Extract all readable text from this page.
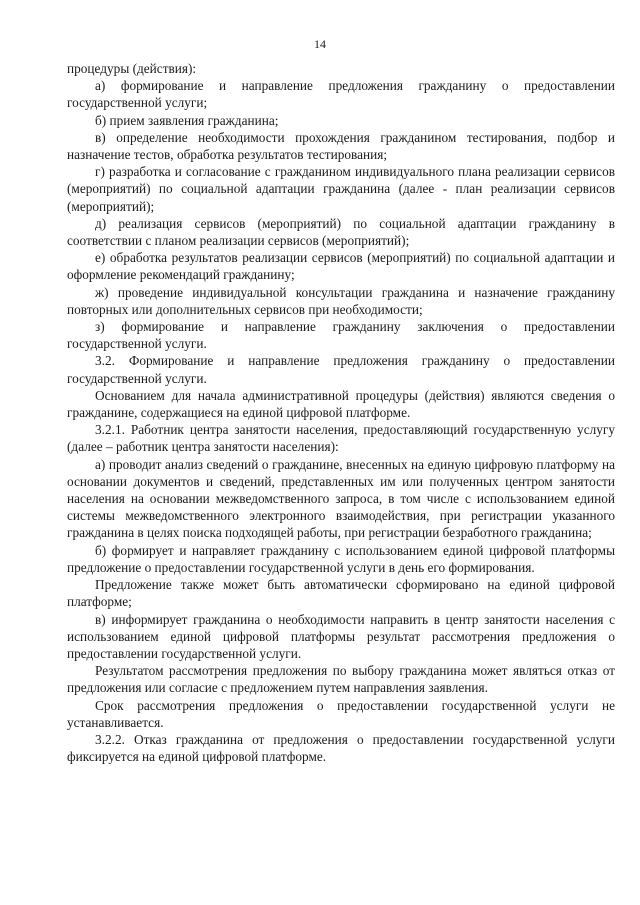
14

процедуры (действия):

а) формирование и направление предложения гражданину о предоставлении государственной услуги;

б) прием заявления гражданина;

в) определение необходимости прохождения гражданином тестирования, подбор и назначение тестов, обработка результатов тестирования;

г) разработка и согласование с гражданином индивидуального плана реализации сервисов (мероприятий) по социальной адаптации гражданина (далее - план реализации сервисов (мероприятий);

д) реализация сервисов (мероприятий) по социальной адаптации гражданину в соответствии с планом реализации сервисов (мероприятий);

е) обработка результатов реализации сервисов (мероприятий) по социальной адаптации и оформление рекомендаций гражданину;

ж) проведение индивидуальной консультации гражданина и назначение гражданину повторных или дополнительных сервисов при необходимости;

з) формирование и направление гражданину заключения о предоставлении государственной услуги.

3.2. Формирование и направление предложения гражданину о предоставлении государственной услуги.

Основанием для начала административной процедуры (действия) являются сведения о гражданине, содержащиеся на единой цифровой платформе.

3.2.1. Работник центра занятости населения, предоставляющий государственную услугу (далее – работник центра занятости населения):

а) проводит анализ сведений о гражданине, внесенных на единую цифровую платформу на основании документов и сведений, представленных им или полученных центром занятости населения на основании межведомственного запроса, в том числе с использованием единой системы межведомственного электронного взаимодействия, при регистрации указанного гражданина в целях поиска подходящей работы, при регистрации безработного гражданина;

б) формирует и направляет гражданину с использованием единой цифровой платформы предложение о предоставлении государственной услуги в день его формирования.

Предложение также может быть автоматически сформировано на единой цифровой платформе;

в) информирует гражданина о необходимости направить в центр занятости населения с использованием единой цифровой платформы результат рассмотрения предложения о предоставлении государственной услуги.

Результатом рассмотрения предложения по выбору гражданина может являться отказ от предложения или согласие с предложением путем направления заявления.

Срок рассмотрения предложения о предоставлении государственной услуги не устанавливается.

3.2.2. Отказ гражданина от предложения о предоставлении государственной услуги фиксируется на единой цифровой платформе.
